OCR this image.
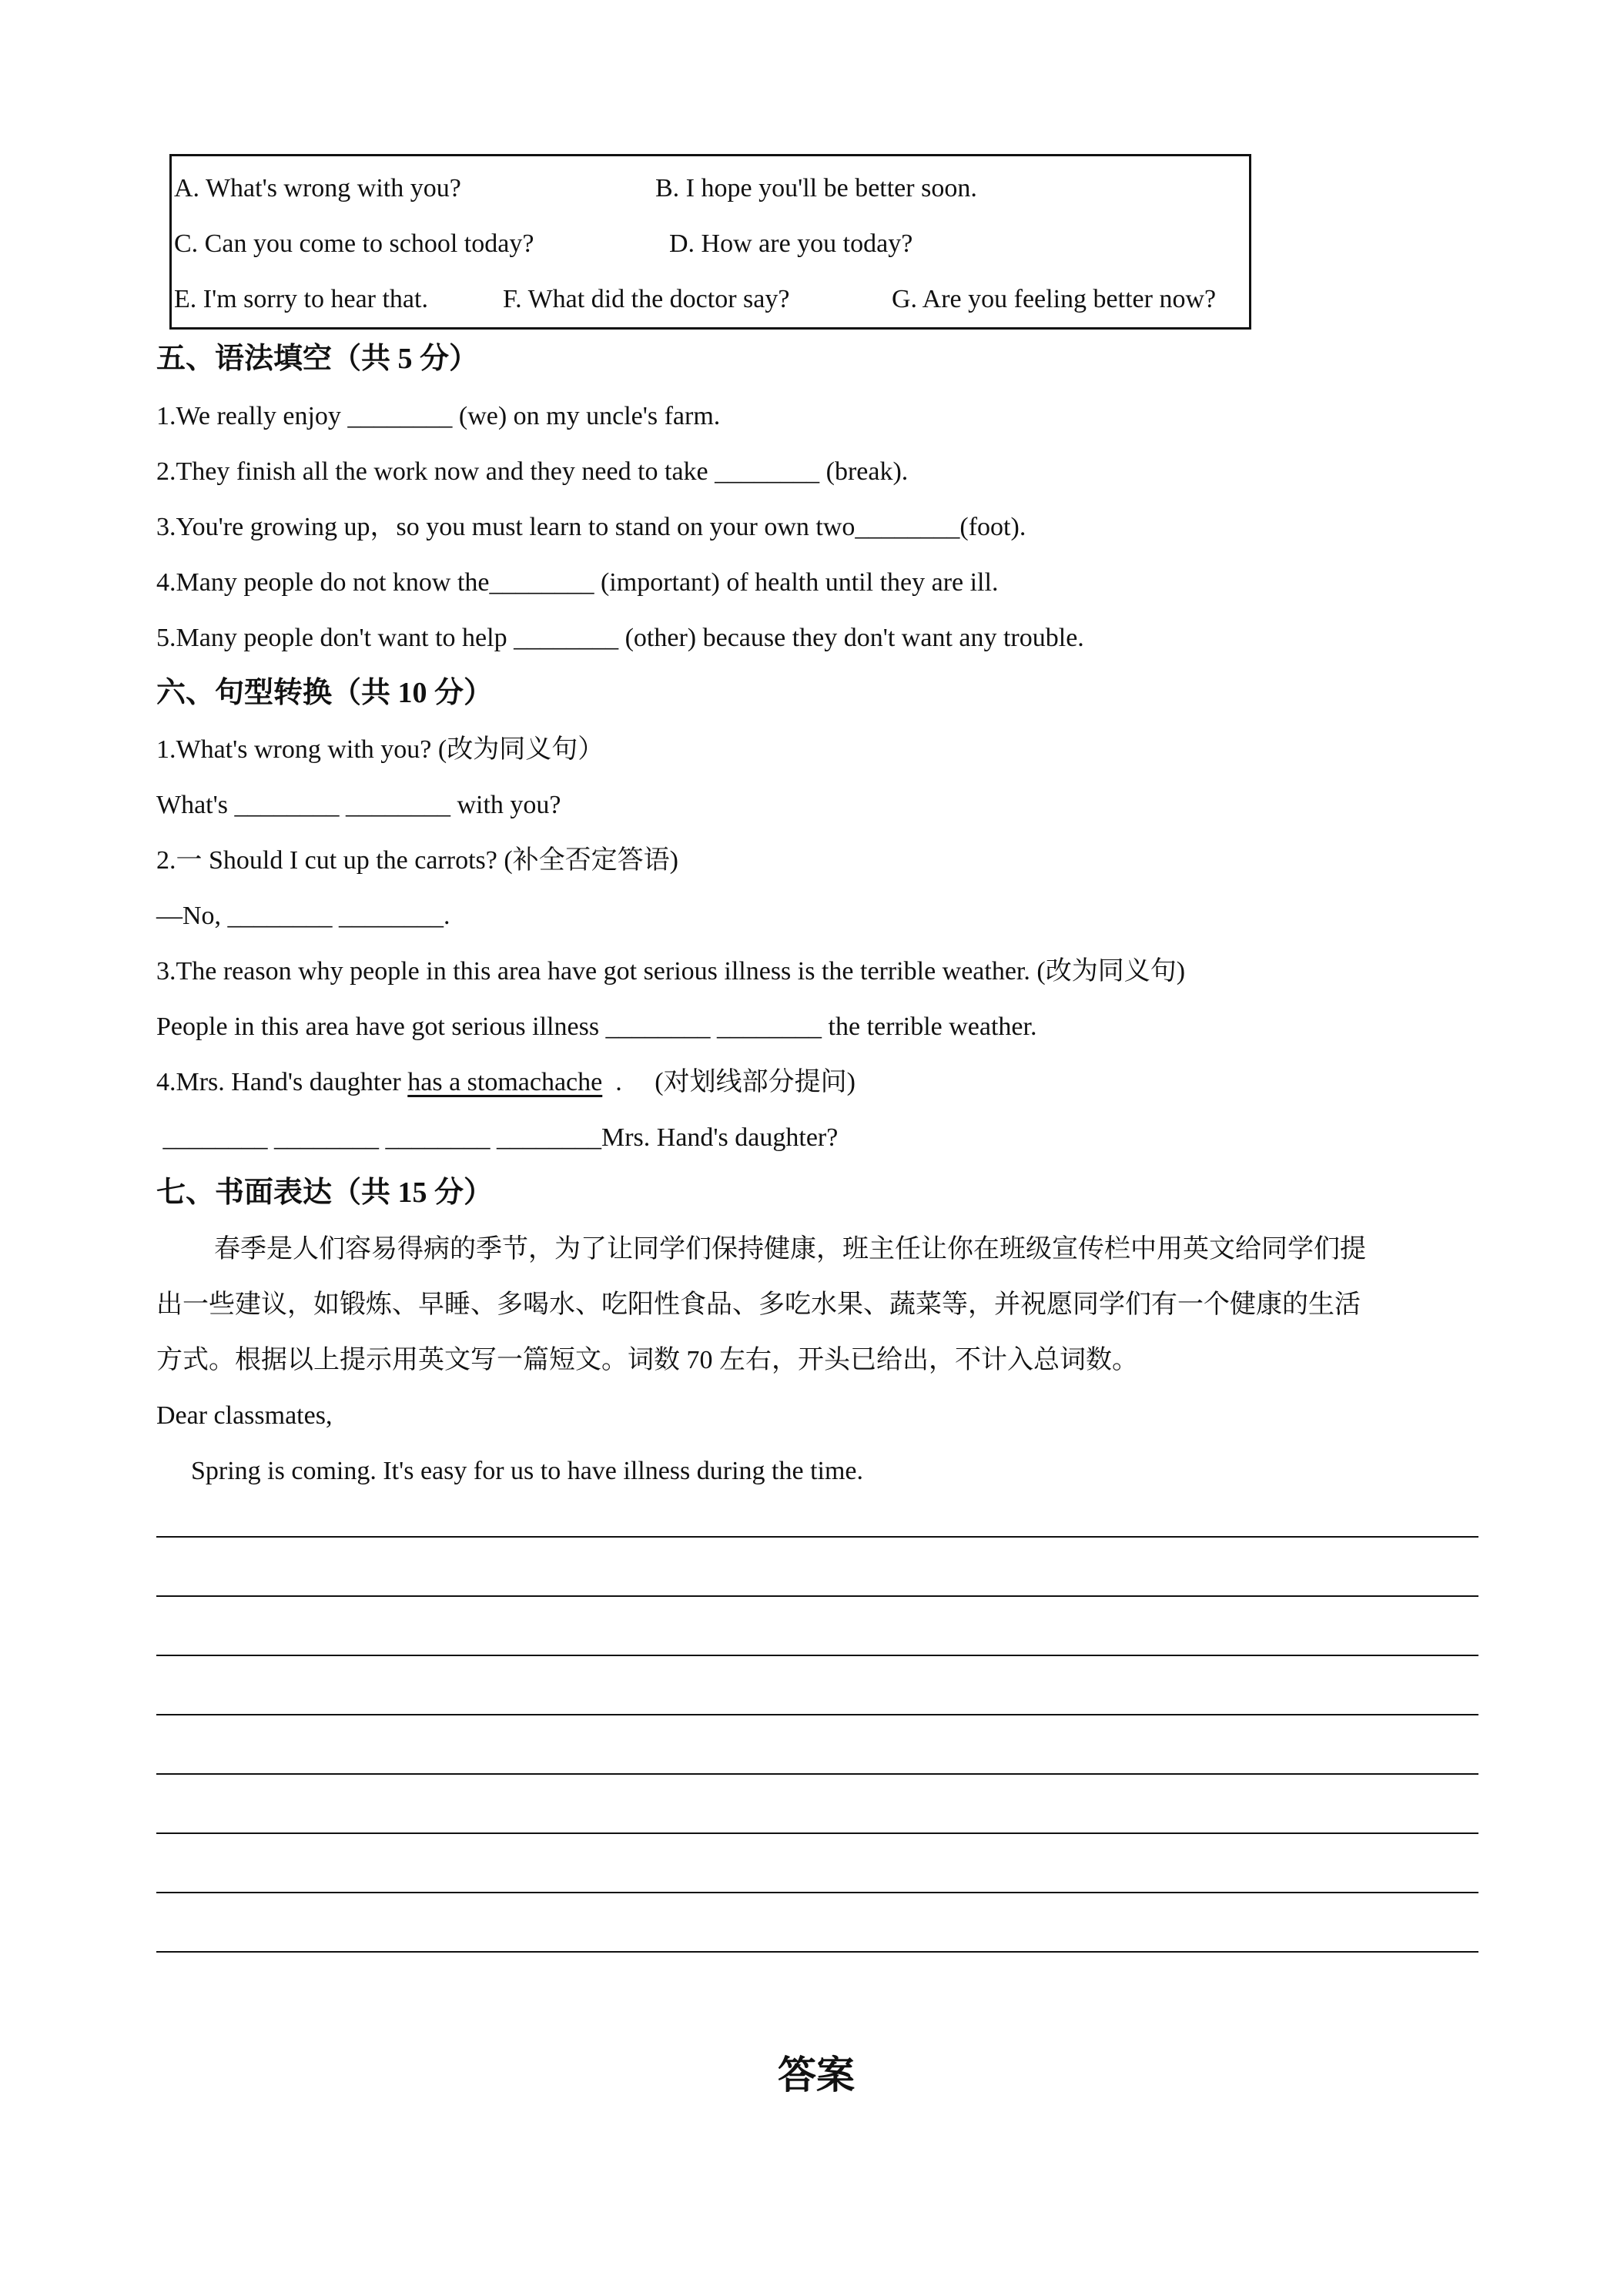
A. What's wrong with you?	B. I hope you'll be better soon.
C. Can you come to school today?	D. How are you today?
E. I'm sorry to hear that.	F. What did the doctor say?	G. Are you feeling better now?
五、语法填空（共 5 分）
1.We really enjoy ________ (we) on my uncle's farm.
2.They finish all the work now and they need to take ________ (break).
3.You're growing up，so you must learn to stand on your own two________(foot).
4.Many people do not know the________ (important) of health until they are ill.
5.Many people don't want to help ________ (other) because they don't want any trouble.
六、句型转换（共 10 分）
1.What's wrong with you? (改为同义句）
What's ________ ________ with you?
2.一 Should I cut up the carrots? (补全否定答语)
—No, ________ ________.
3.The reason why people in this area have got serious illness is the terrible weather. (改为同义句)
People in this area have got serious illness ________ ________ the terrible weather.
4.Mrs. Hand's daughter has a stomachache  .     (对划线部分提问)
________ ________ ________ ________Mrs. Hand's daughter?
七、书面表达（共 15 分）
春季是人们容易得病的季节，为了让同学们保持健康，班主任让你在班级宣传栏中用英文给同学们提
出一些建议，如锻炼、早睡、多喝水、吃阳性食品、多吃水果、蔬菜等，并祝愿同学们有一个健康的生活
方式。根据以上提示用英文写一篇短文。词数 70 左右，开头已给出，不计入总词数。
Dear classmates,
Spring is coming. It's easy for us to have illness during the time.
答案
